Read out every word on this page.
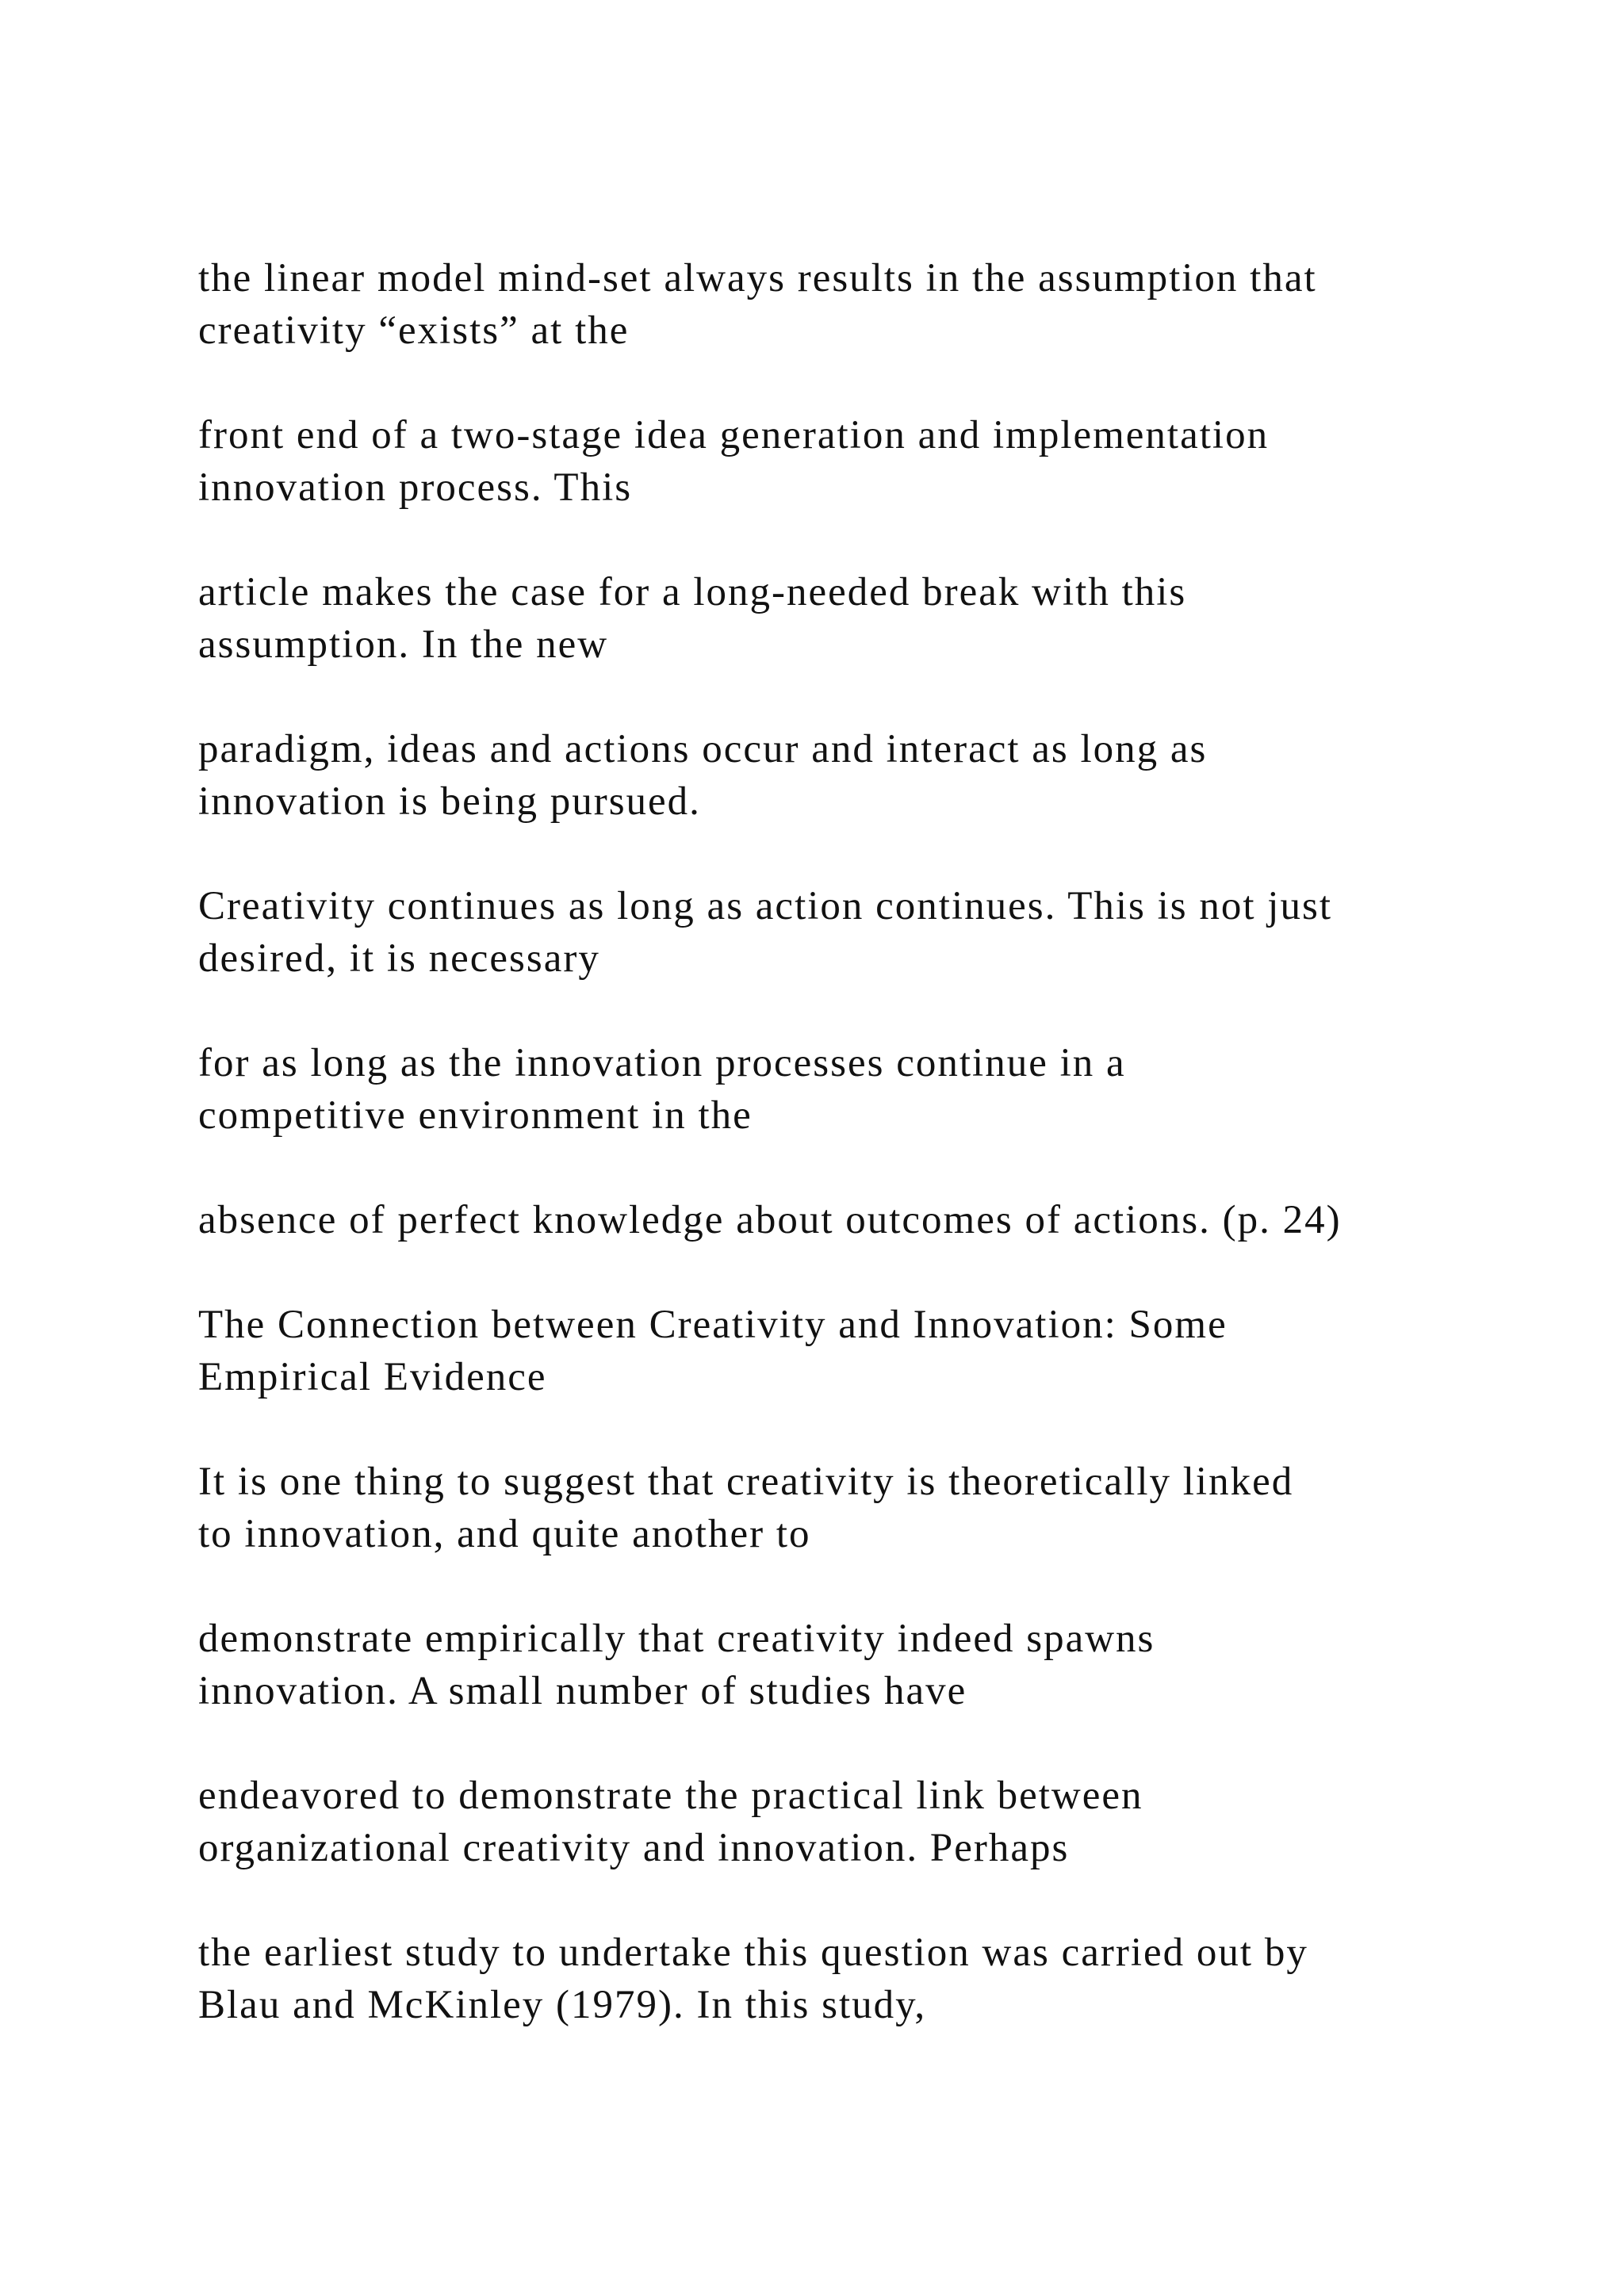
the linear model mind-set always results in the assumption that
creativity “exists” at the

front end of a two-stage idea generation and implementation
innovation process. This

article makes the case for a long-needed break with this
assumption. In the new

paradigm, ideas and actions occur and interact as long as
innovation is being pursued.

Creativity continues as long as action continues. This is not just
desired, it is necessary

for as long as the innovation processes continue in a
competitive environment in the

absence of perfect knowledge about outcomes of actions. (p. 24)

The Connection between Creativity and Innovation: Some
Empirical Evidence

It is one thing to suggest that creativity is theoretically linked
to innovation, and quite another to

demonstrate empirically that creativity indeed spawns
innovation. A small number of studies have

endeavored to demonstrate the practical link between
organizational creativity and innovation. Perhaps

the earliest study to undertake this question was carried out by
Blau and McKinley (1979). In this study,
